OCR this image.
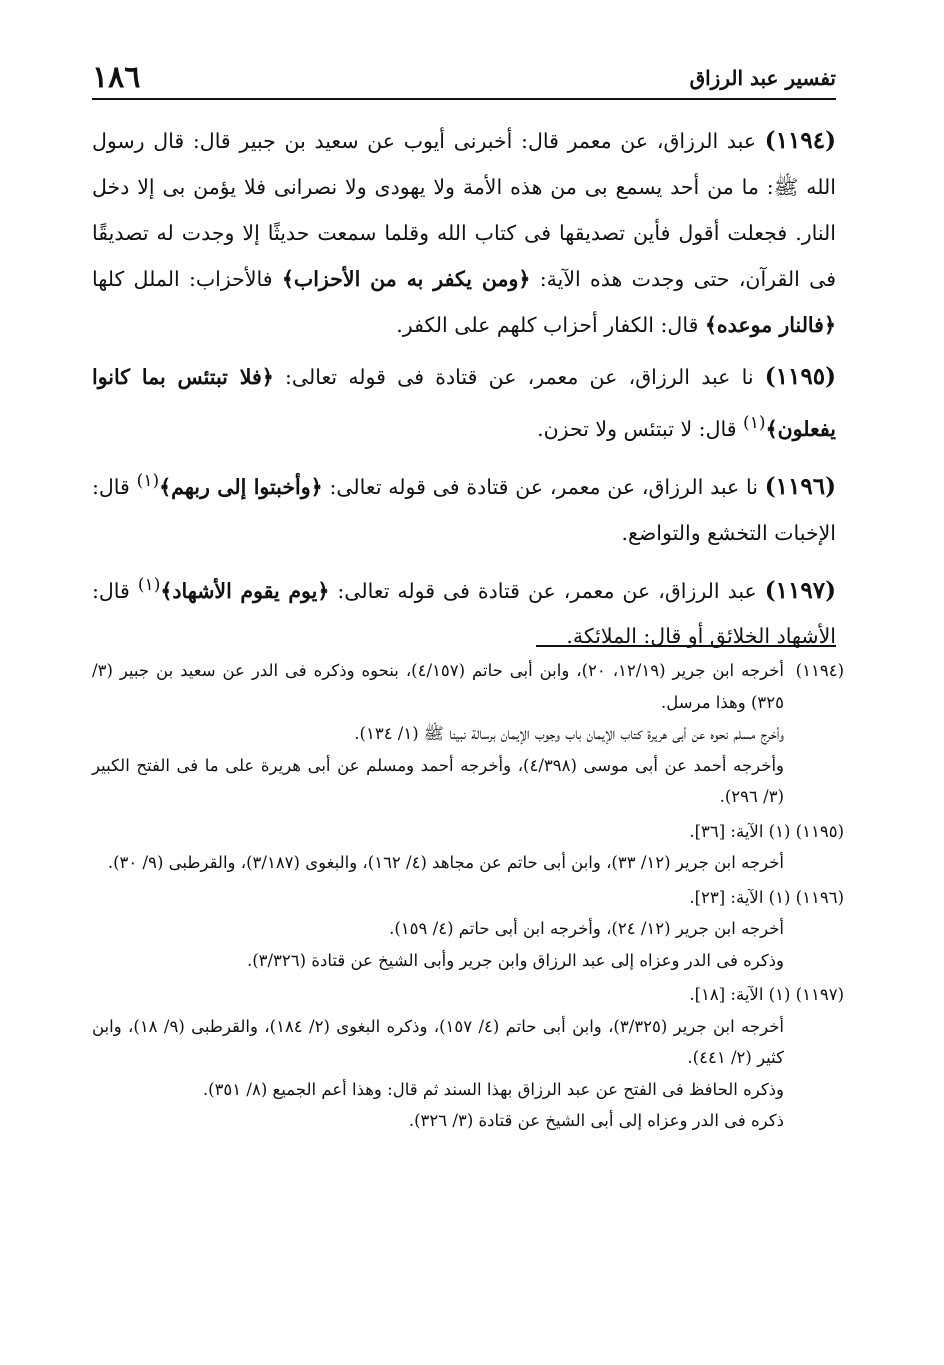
١٨٦	تفسير عبد الرزاق

(١١٩٤) عبد الرزاق، عن معمر قال: أخبرنى أيوب عن سعيد بن جبير قال: قال رسول الله ﷺ: ما من أحد يسمع بى من هذه الأمة ولا يهودى ولا نصرانى فلا يؤمن بى إلا دخل النار. فجعلت أقول فأين تصديقها فى كتاب الله وقلما سمعت حديثًا إلا وجدت له تصديقًا فى القرآن، حتى وجدت هذه الآية: ﴿ومن يكفر به من الأحزاب﴾ فالأحزاب: الملل كلها ﴿فالنار موعده﴾ قال: الكفار أحزاب كلهم على الكفر.

(١١٩٥) نا عبد الرزاق، عن معمر، عن قتادة فى قوله تعالى: ﴿فلا تبتئس بما كانوا يفعلون﴾$^{(١)}$ قال: لا تبتئس ولا تحزن.

(١١٩٦) نا عبد الرزاق، عن معمر، عن قتادة فى قوله تعالى: ﴿وأخبتوا إلى ربهم﴾$^{(١)}$ قال: الإخبات التخشع والتواضع.

(١١٩٧) عبد الرزاق، عن معمر، عن قتادة فى قوله تعالى: ﴿يوم يقوم الأشهاد﴾$^{(١)}$ قال: الأشهاد الخلائق أو قال: الملائكة.

(١١٩٤)

أخرجه ابن جرير (١٢/١٩، ٢٠)، وابن أبى حاتم (٤/١٥٧)، بنحوه وذكره فى الدر عن سعيد بن جبير (٣/ ٣٢٥) وهذا مرسل.

وأخرج مسلم نحوه عن أبى هريرة كتاب الإيمان باب وجوب الإيمان برسالة نبينا ﷺ (١/ ١٣٤).

وأخرجه أحمد عن أبى موسى (٤/٣٩٨)، وأخرجه أحمد ومسلم عن أبى هريرة على ما فى الفتح الكبير (٣/ ٢٩٦).

(١١٩٥) (١) الآية: [٣٦].

أخرجه ابن جرير (١٢/ ٣٣)، وابن أبى حاتم عن مجاهد (٤/ ١٦٢)، والبغوى (٣/١٨٧)، والقرطبى (٩/ ٣٠).

(١١٩٦) (١) الآية: [٢٣].

أخرجه ابن جرير (١٢/ ٢٤)، وأخرجه ابن أبى حاتم (٤/ ١٥٩).

وذكره فى الدر وعزاه إلى عبد الرزاق وابن جرير وأبى الشيخ عن قتادة (٣/٣٢٦).

(١١٩٧) (١) الآية: [١٨].

أخرجه ابن جرير (٣/٣٢٥)، وابن أبى حاتم (٤/ ١٥٧)، وذكره البغوى (٢/ ١٨٤)، والقرطبى (٩/ ١٨)، وابن كثير (٢/ ٤٤١).

وذكره الحافظ فى الفتح عن عبد الرزاق بهذا السند ثم قال: وهذا أعم الجميع (٨/ ٣٥١).

ذكره فى الدر وعزاه إلى أبى الشيخ عن قتادة (٣/ ٣٢٦).
